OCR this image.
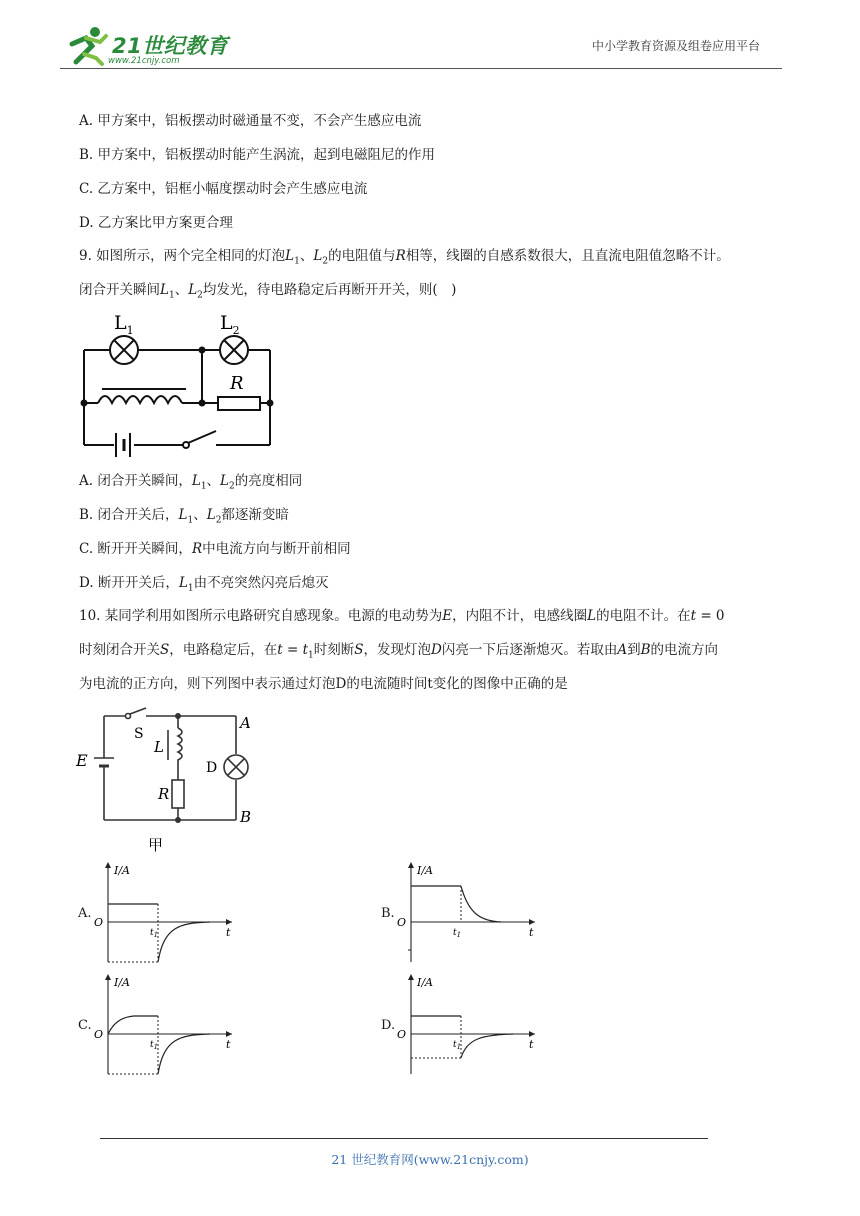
21世纪教育
www.21cnjy.com
中小学教育资源及组卷应用平台
A. 甲方案中，铝板摆动时磁通量不变，不会产生感应电流
B. 甲方案中，铝板摆动时能产生涡流，起到电磁阻尼的作用
C. 乙方案中，铝框小幅度摆动时会产生感应电流
D. 乙方案比甲方案更合理
9. 如图所示，两个完全相同的灯泡$L_1$、$L_2$的电阻值与R相等，线圈的自感系数很大，且直流电阻值忽略不计。
闭合开关瞬间$L_1$、$L_2$均发光，待电路稳定后再断开开关，则(　)
$L_1$	$L_2$
R
A. 闭合开关瞬间，$L_1$、$L_2$的亮度相同
B. 闭合开关后，$L_1$、$L_2$都逐渐变暗
C. 断开开关瞬间，R中电流方向与断开前相同
D. 断开开关后，$L_1$由不亮突然闪亮后熄灭
10. 某同学利用如图所示电路研究自感现象。电源的电动势为E，内阻不计，电感线圈L的电阻不计。在t = 0
时刻闭合开关S，电路稳定后，在$t = t_1$时刻断S，发现灯泡D闪亮一下后逐渐熄灭。若取由A到B的电流方向
为电流的正方向，则下列图中表示通过灯泡D的电流随时间t变化的图像中正确的是
E
S
L
R
D
A
B
甲
A.
I/A
O
t
$t_1$
B.
I/A
O
t
$t_1$
C.
I/A
O
t
$t_1$
D.
I/A
O
t
$t_1$
21 世纪教育网(www.21cnjy.com)
